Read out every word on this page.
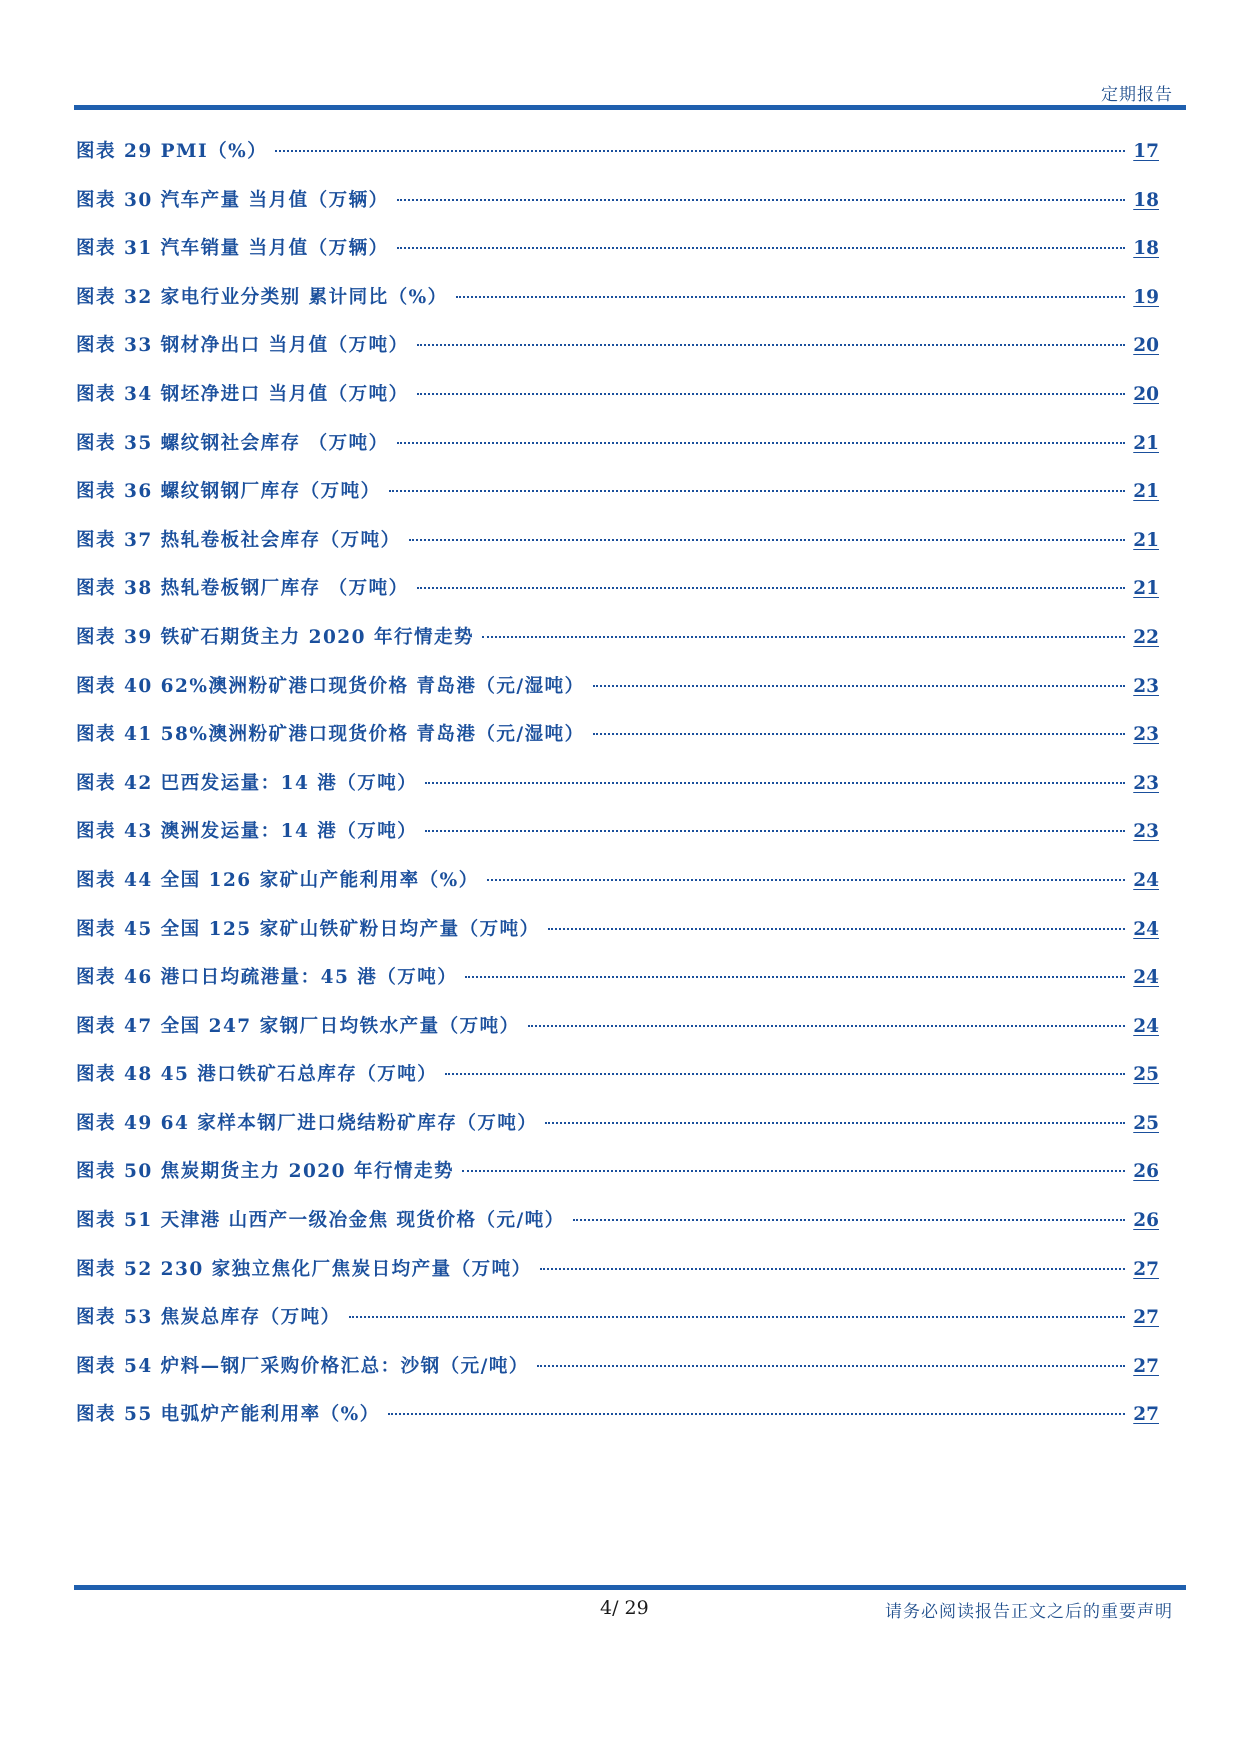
定期报告
图表 29 PMI（%）	17
图表 30 汽车产量 当月值（万辆）	18
图表 31 汽车销量 当月值（万辆）	18
图表 32 家电行业分类别 累计同比（%）	19
图表 33 钢材净出口 当月值（万吨）	20
图表 34 钢坯净进口 当月值（万吨）	20
图表 35 螺纹钢社会库存 （万吨）	21
图表 36 螺纹钢钢厂库存（万吨）	21
图表 37 热轧卷板社会库存（万吨）	21
图表 38 热轧卷板钢厂库存 （万吨）	21
图表 39 铁矿石期货主力 2020 年行情走势	22
图表 40 62%澳洲粉矿港口现货价格 青岛港（元/湿吨）	23
图表 41 58%澳洲粉矿港口现货价格 青岛港（元/湿吨）	23
图表 42 巴西发运量：14 港（万吨）	23
图表 43 澳洲发运量：14 港（万吨）	23
图表 44 全国 126 家矿山产能利用率（%）	24
图表 45 全国 125 家矿山铁矿粉日均产量（万吨）	24
图表 46 港口日均疏港量：45 港（万吨）	24
图表 47 全国 247 家钢厂日均铁水产量（万吨）	24
图表 48 45 港口铁矿石总库存（万吨）	25
图表 49 64 家样本钢厂进口烧结粉矿库存（万吨）	25
图表 50 焦炭期货主力 2020 年行情走势	26
图表 51 天津港 山西产一级冶金焦 现货价格（元/吨）	26
图表 52 230 家独立焦化厂焦炭日均产量（万吨）	27
图表 53 焦炭总库存（万吨）	27
图表 54 炉料—钢厂采购价格汇总：沙钢（元/吨）	27
图表 55 电弧炉产能利用率（%）	27
4/ 29	请务必阅读报告正文之后的重要声明
